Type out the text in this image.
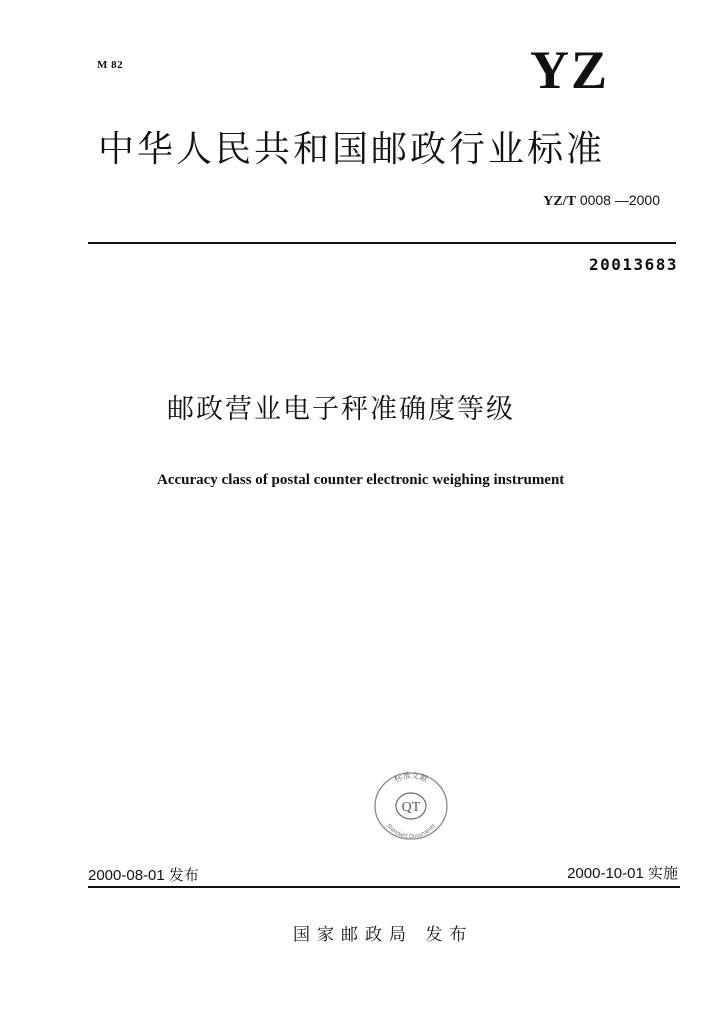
M 82	YZ
中华人民共和国邮政行业标准
YZ/T 0008 —2000
20013683
邮政营业电子秤准确度等级
Accuracy class of postal counter electronic weighing instrument
QT
标准文献
Standard Documents
2000-08-01 发布	2000-10-01 实施
国家邮政局 发布
